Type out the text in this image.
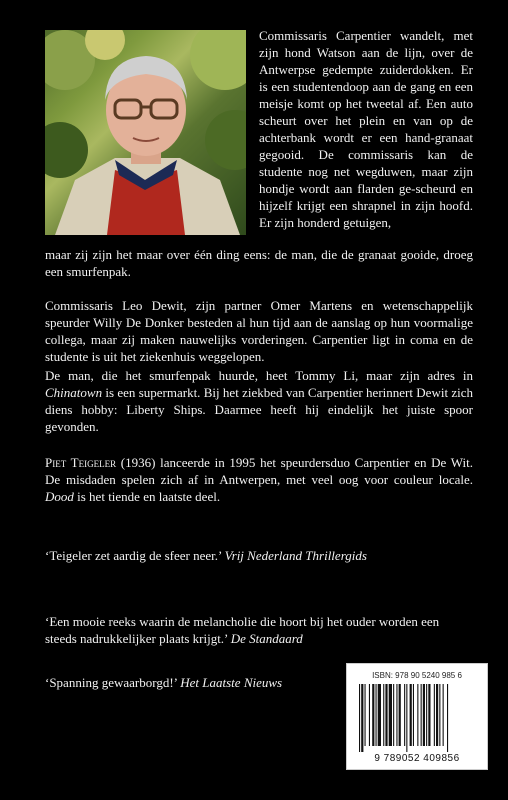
Commissaris Carpentier wandelt, met zijn hond Watson aan de lijn, over de Antwerpse gedempte zuiderdokken. Er is een studentendoop aan de gang en een meisje komt op het tweetal af. Een auto scheurt over het plein en van op de achterbank wordt er een hand-granaat gegooid. De commissaris kan de studente nog net wegduwen, maar zijn hondje wordt aan flarden ge-scheurd en hijzelf krijgt een shrapnel in zijn hoofd. Er zijn honderd getuigen,

maar zij zijn het maar over één ding eens: de man, die de granaat gooide, droeg een smurfenpak.

Commissaris Leo Dewit, zijn partner Omer Martens en wetenschappelijk speurder Willy De Donker besteden al hun tijd aan de aanslag op hun voormalige collega, maar zij maken nauwelijks vorderingen. Carpentier ligt in coma en de studente is uit het ziekenhuis weggelopen.

De man, die het smurfenpak huurde, heet Tommy Li, maar zijn adres in Chinatown is een supermarkt. Bij het ziekbed van Carpentier herinnert Dewit zich diens hobby: Liberty Ships. Daarmee heeft hij eindelijk het juiste spoor gevonden.

Piet Teigeler (1936) lanceerde in 1995 het speurdersduo Carpentier en De Wit. De misdaden spelen zich af in Antwerpen, met veel oog voor couleur locale. Dood is het tiende en laatste deel.

‘Teigeler zet aardig de sfeer neer.’ Vrij Nederland Thrillergids

‘Een mooie reeks waarin de melancholie die hoort bij het ouder worden een steeds nadrukkelijker plaats krijgt.’ De Standaard

‘Spanning gewaarborgd!’ Het Laatste Nieuws	ISBN: 978 90 5240 985 6
9 789052 409856
